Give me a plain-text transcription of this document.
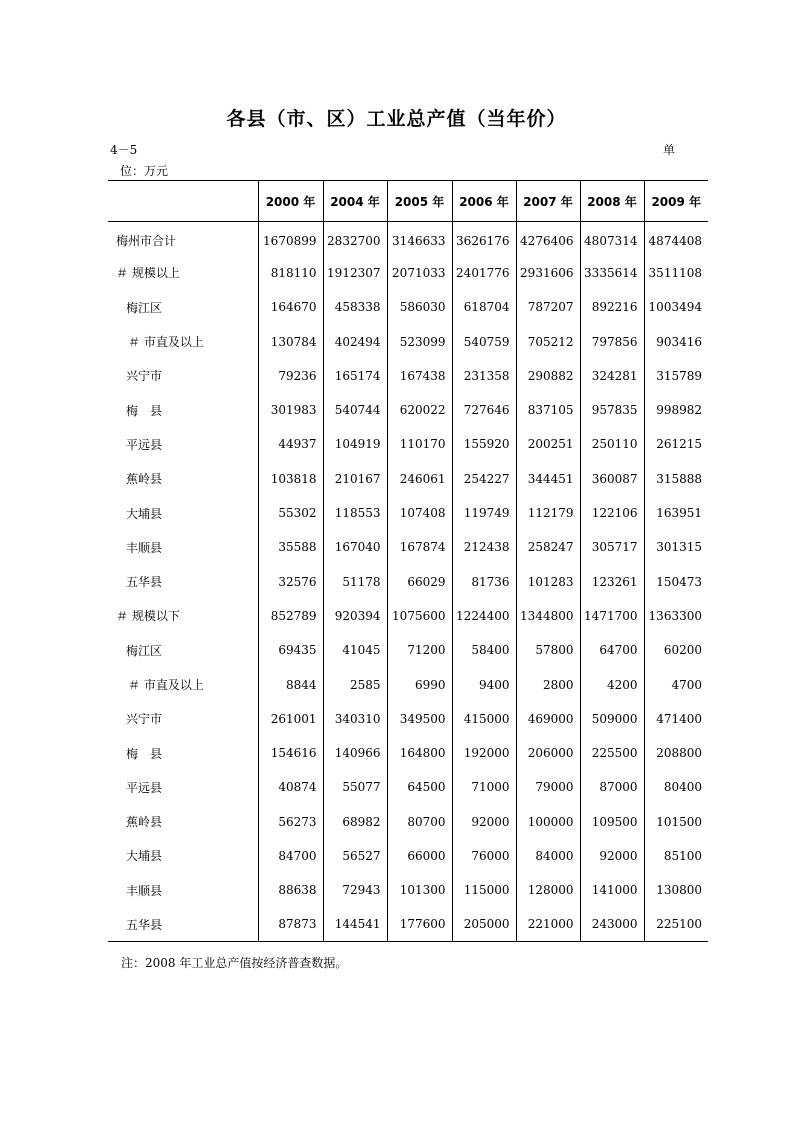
各县（市、区）工业总产值（当年价）
4－5	单
位：万元
	2000 年	2004 年	2005 年	2006 年	2007 年	2008 年	2009 年
梅州市合计	1670899	2832700	3146633	3626176	4276406	4807314	4874408
＃ 规模以上	818110	1912307	2071033	2401776	2931606	3335614	3511108
梅江区	164670	458338	586030	618704	787207	892216	1003494
＃ 市直及以上	130784	402494	523099	540759	705212	797856	903416
兴宁市	79236	165174	167438	231358	290882	324281	315789
梅　县	301983	540744	620022	727646	837105	957835	998982
平远县	44937	104919	110170	155920	200251	250110	261215
蕉岭县	103818	210167	246061	254227	344451	360087	315888
大埔县	55302	118553	107408	119749	112179	122106	163951
丰顺县	35588	167040	167874	212438	258247	305717	301315
五华县	32576	51178	66029	81736	101283	123261	150473
＃ 规模以下	852789	920394	1075600	1224400	1344800	1471700	1363300
梅江区	69435	41045	71200	58400	57800	64700	60200
＃ 市直及以上	8844	2585	6990	9400	2800	4200	4700
兴宁市	261001	340310	349500	415000	469000	509000	471400
梅　县	154616	140966	164800	192000	206000	225500	208800
平远县	40874	55077	64500	71000	79000	87000	80400
蕉岭县	56273	68982	80700	92000	100000	109500	101500
大埔县	84700	56527	66000	76000	84000	92000	85100
丰顺县	88638	72943	101300	115000	128000	141000	130800
五华县	87873	144541	177600	205000	221000	243000	225100
注：2008 年工业总产值按经济普查数据。
